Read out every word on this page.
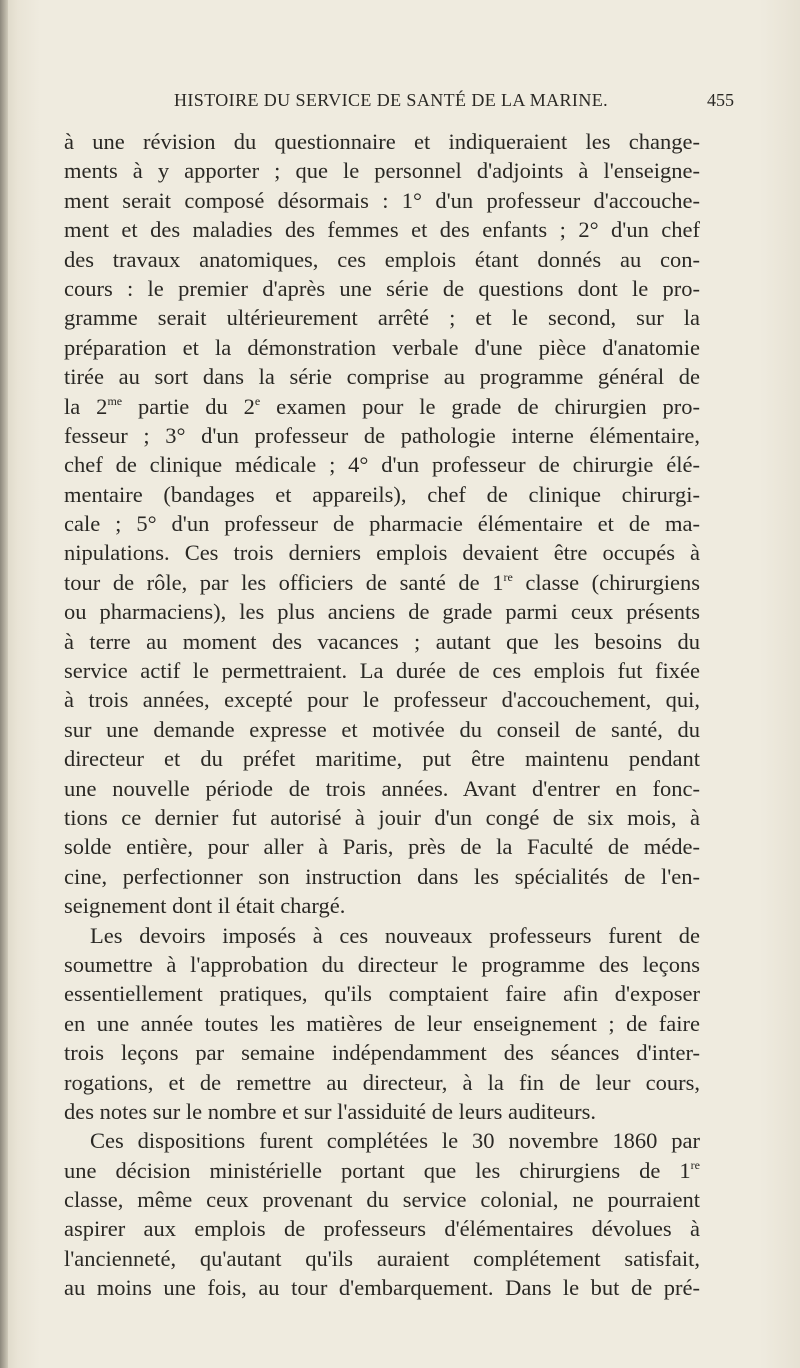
HISTOIRE DU SERVICE DE SANTÉ DE LA MARINE.	455
à une révision du questionnaire et indiqueraient les change-
ments à y apporter ; que le personnel d'adjoints à l'enseigne-
ment serait composé désormais : 1° d'un professeur d'accouche-
ment et des maladies des femmes et des enfants ; 2° d'un chef
des travaux anatomiques, ces emplois étant donnés au con-
cours : le premier d'après une série de questions dont le pro-
gramme serait ultérieurement arrêté ; et le second, sur la
préparation et la démonstration verbale d'une pièce d'anatomie
tirée au sort dans la série comprise au programme général de
la $2^{me}$ partie du 2e examen pour le grade de chirurgien pro-
fesseur ; 3° d'un professeur de pathologie interne élémentaire,
chef de clinique médicale ; 4° d'un professeur de chirurgie élé-
mentaire (bandages et appareils), chef de clinique chirurgi-
cale ; 5° d'un professeur de pharmacie élémentaire et de ma-
nipulations. Ces trois derniers emplois devaient être occupés à
tour de rôle, par les officiers de santé de 1re classe (chirurgiens
ou pharmaciens), les plus anciens de grade parmi ceux présents
à terre au moment des vacances ; autant que les besoins du
service actif le permettraient. La durée de ces emplois fut fixée
à trois années, excepté pour le professeur d'accouchement, qui,
sur une demande expresse et motivée du conseil de santé, du
directeur et du préfet maritime, put être maintenu pendant
une nouvelle période de trois années. Avant d'entrer en fonc-
tions ce dernier fut autorisé à jouir d'un congé de six mois, à
solde entière, pour aller à Paris, près de la Faculté de méde-
cine, perfectionner son instruction dans les spécialités de l'en-
seignement dont il était chargé.
Les devoirs imposés à ces nouveaux professeurs furent de
soumettre à l'approbation du directeur le programme des leçons
essentiellement pratiques, qu'ils comptaient faire afin d'exposer
en une année toutes les matières de leur enseignement ; de faire
trois leçons par semaine indépendamment des séances d'inter-
rogations, et de remettre au directeur, à la fin de leur cours,
des notes sur le nombre et sur l'assiduité de leurs auditeurs.
Ces dispositions furent complétées le 30 novembre 1860 par
une décision ministérielle portant que les chirurgiens de 1re
classe, même ceux provenant du service colonial, ne pourraient
aspirer aux emplois de professeurs d'élémentaires dévolues à
l'ancienneté, qu'autant qu'ils auraient complétement satisfait,
au moins une fois, au tour d'embarquement. Dans le but de pré-
